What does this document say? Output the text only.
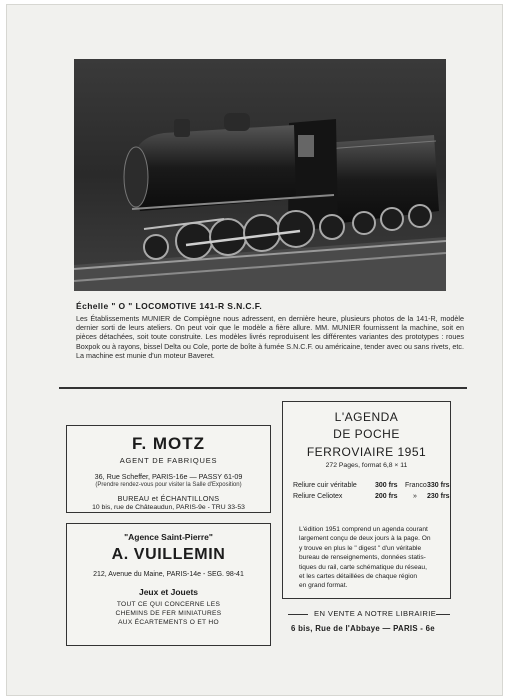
Échelle " O " LOCOMOTIVE 141-R S.N.C.F.
Les Établissements MUNIER de Compiègne nous adressent, en dernière heure, plusieurs photos de la 141-R, modèle dernier sorti de leurs ateliers. On peut voir que le modèle a fière allure. MM. MUNIER fournissent la machine, soit en pièces détachées, soit toute construite. Les modèles livrés reproduisent les différentes variantes des prototypes : roues Boxpok ou à rayons, bissel Delta ou Cole, porte de boîte à fumée S.N.C.F. ou américaine, tender avec ou sans rivets, etc. La machine est munie d'un moteur Baveret.
F. MOTZ
AGENT DE FABRIQUES
36, Rue Scheffer, PARIS-16e — PASSY 61-09
(Prendre rendez-vous pour visiter la Salle d'Exposition)
BUREAU et ÉCHANTILLONS
10 bis, rue de Châteaudun, PARIS-9e - TRU 33-53
"Agence Saint-Pierre"
A. VUILLEMIN
212, Avenue du Maine, PARIS-14e - SEG. 98-41
Jeux et Jouets
TOUT CE QUI CONCERNE LES
CHEMINS DE FER MINIATURES
AUX ÉCARTEMENTS O ET HO
L'AGENDA
DE POCHE
FERROVIAIRE 1951
272 Pages, format 6,8 × 11
Reliure cuir véritable	300 frs Franco 330 frs
Reliure Celiotex	200 frs » 230 frs
L'édition 1951 comprend un agenda courant
largement conçu de deux jours à la page. On
y trouve en plus le " digest " d'un véritable
bureau de renseignements, données statis-
tiques du rail, carte schématique du réseau,
et les cartes détaillées de chaque région
en grand format.
EN VENTE A NOTRE LIBRAIRIE
6 bis, Rue de l'Abbaye — PARIS - 6e
